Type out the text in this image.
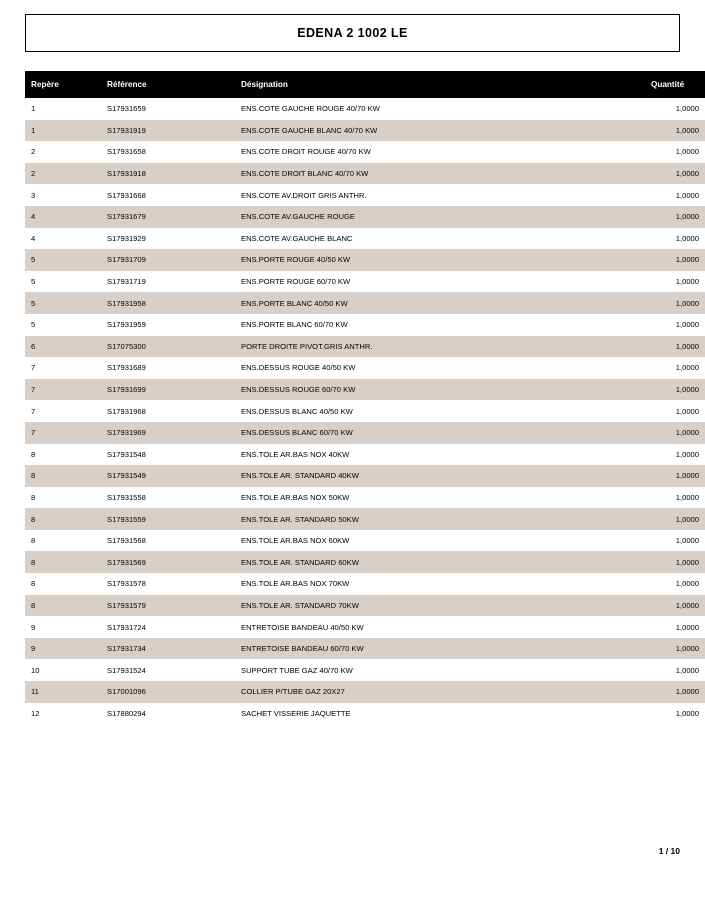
EDENA 2 1002 LE
Repère	Référence	Désignation	Quantité
1	S17931659	ENS.COTE GAUCHE ROUGE 40/70 KW	1,0000
1	S17931919	ENS.COTE GAUCHE BLANC 40/70 KW	1,0000
2	S17931658	ENS.COTE DROIT ROUGE 40/70 KW	1,0000
2	S17931918	ENS.COTE DROIT BLANC 40/70 KW	1,0000
3	S17931668	ENS.COTE AV.DROIT GRIS ANTHR.	1,0000
4	S17931679	ENS.COTE AV.GAUCHE ROUGE	1,0000
4	S17931929	ENS.COTE AV.GAUCHE BLANC	1,0000
5	S17931709	ENS.PORTE ROUGE 40/50 KW	1,0000
5	S17931719	ENS.PORTE ROUGE 60/70 KW	1,0000
5	S17931958	ENS.PORTE BLANC 40/50 KW	1,0000
5	S17931959	ENS.PORTE BLANC 60/70 KW	1,0000
6	S17075300	PORTE DROITE PIVOT.GRIS ANTHR.	1,0000
7	S17931689	ENS.DESSUS ROUGE 40/50 KW	1,0000
7	S17931699	ENS.DESSUS ROUGE 60/70 KW	1,0000
7	S17931968	ENS.DESSUS BLANC 40/50 KW	1,0000
7	S17931969	ENS.DESSUS BLANC 60/70 KW	1,0000
8	S17931548	ENS.TOLE AR.BAS NOX 40KW	1,0000
8	S17931549	ENS.TOLE AR. STANDARD 40KW	1,0000
8	S17931558	ENS.TOLE AR.BAS NOX 50KW	1,0000
8	S17931559	ENS.TOLE AR. STANDARD 50KW	1,0000
8	S17931568	ENS.TOLE AR.BAS NOX 60KW	1,0000
8	S17931569	ENS.TOLE AR. STANDARD 60KW	1,0000
8	S17931578	ENS.TOLE AR.BAS NOX 70KW	1,0000
8	S17931579	ENS.TOLE AR. STANDARD 70KW	1,0000
9	S17931724	ENTRETOISE BANDEAU 40/50 KW	1,0000
9	S17931734	ENTRETOISE BANDEAU 60/70 KW	1,0000
10	S17931524	SUPPORT TUBE GAZ 40/70 KW	1,0000
11	S17001096	COLLIER P/TUBE GAZ 20X27	1,0000
12	S17880294	SACHET VISSERIE JAQUETTE	1,0000
1 / 10
